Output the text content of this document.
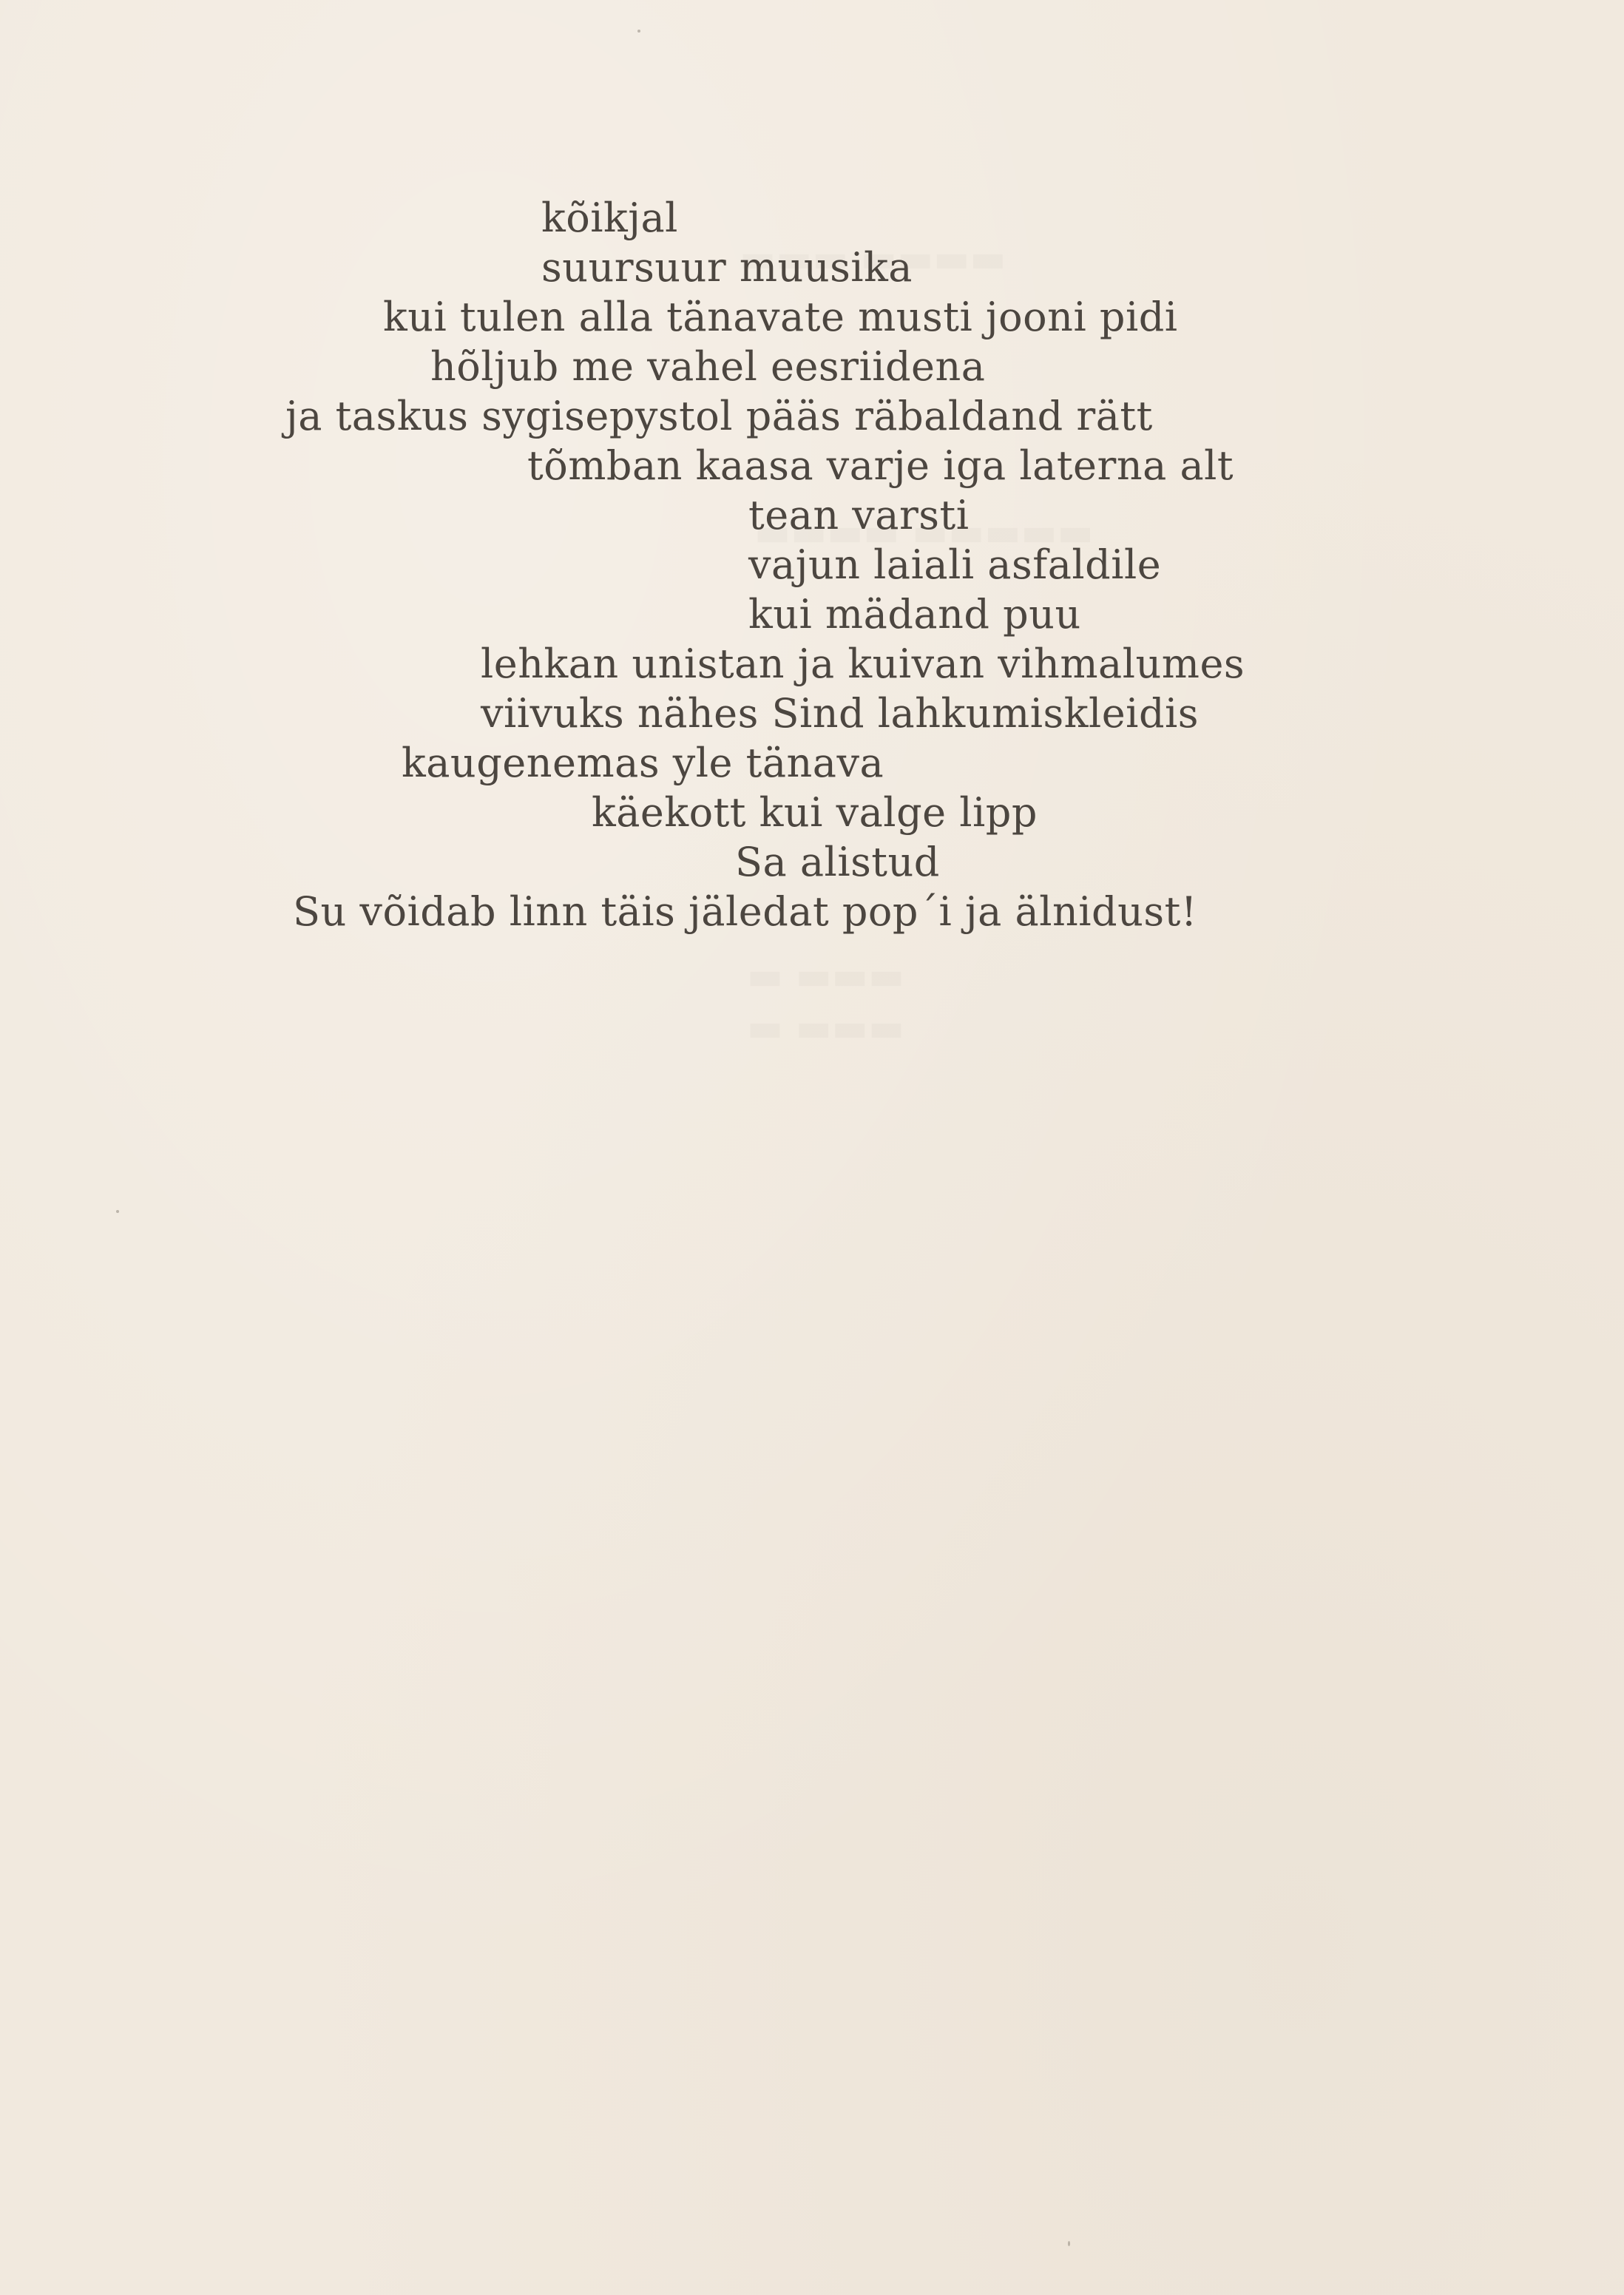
kõikjal
suursuur muusika
kui tulen alla tänavate musti jooni pidi
hõljub me vahel eesriidena
ja taskus sygisepystol pääs räbaldand rätt
tõmban kaasa varje iga laterna alt
tean varsti
vajun laiali asfaldile
kui mädand puu
lehkan unistan ja kuivan vihmalumes
viivuks nähes Sind lahkumiskleidis
kaugenemas yle tänava
käekott kui valge lipp
Sa alistud
Su võidab linn täis jäledat pop´i ja älnidust!
